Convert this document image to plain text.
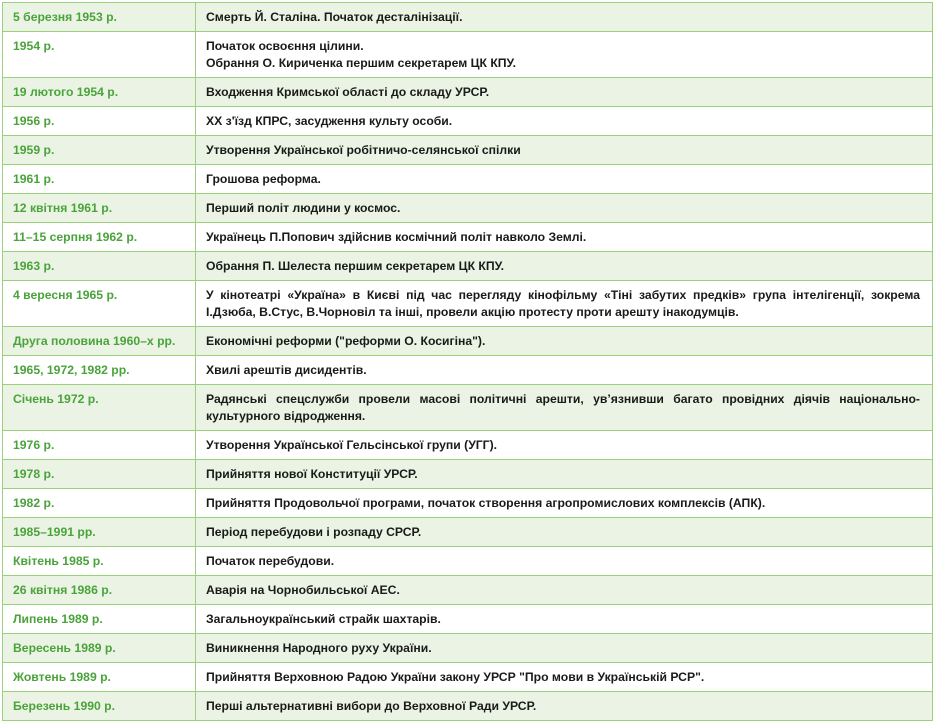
5 березня 1953 р.	Смерть Й. Сталіна. Початок десталінізації.

1954 р.	Початок освоєння цілини.
Обрання О. Кириченка першим секретарем ЦК КПУ.

19 лютого 1954 р.	Входження Кримської області до складу УРСР.

1956 р.	XX з'їзд КПРС, засудження культу особи.

1959 р.	Утворення Української робітничо-селянської спілки

1961 р.	Грошова реформа.

12 квітня 1961 р.	Перший політ людини у космос.

11–15 серпня 1962 р.	Українець П.Попович здійснив космічний політ навколо Землі.

1963 р.	Обрання П. Шелеста першим секретарем ЦК КПУ.

4 вересня 1965 р.	У кінотеатрі «Україна» в Києві під час перегляду кінофільму «Тіні забутих предків» група інтелігенції, зокрема І.Дзюба, В.Стус, В.Чорновіл та інші, провели акцію протесту проти арешту інакодумців.

Друга половина 1960–х рр.	Економічні реформи ("реформи О. Косигіна").

1965, 1972, 1982 рр.	Хвилі арештів дисидентів.

Січень 1972 р.	Радянські спецслужби провели масові політичні арешти, ув’язнивши багато провідних діячів національно-культурного відродження.

1976 р.	Утворення Української Гельсінської групи (УГГ).

1978 р.	Прийняття нової Конституції УРСР.

1982 р.	Прийняття Продовольчої програми, початок створення агропромислових комплексів (АПК).

1985–1991 рр.	Період перебудови і розпаду СРСР.

Квітень 1985 р.	Початок перебудови.

26 квітня 1986 р.	Аварія на Чорнобильської АЕС.

Липень 1989 р.	Загальноукраїнський страйк шахтарів.

Вересень 1989 р.	Виникнення Народного руху України.

Жовтень 1989 р.	Прийняття Верховною Радою України закону УРСР "Про мови в Українській РСР".

Березень 1990 р.	Перші альтернативні вибори до Верховної Ради УРСР.
